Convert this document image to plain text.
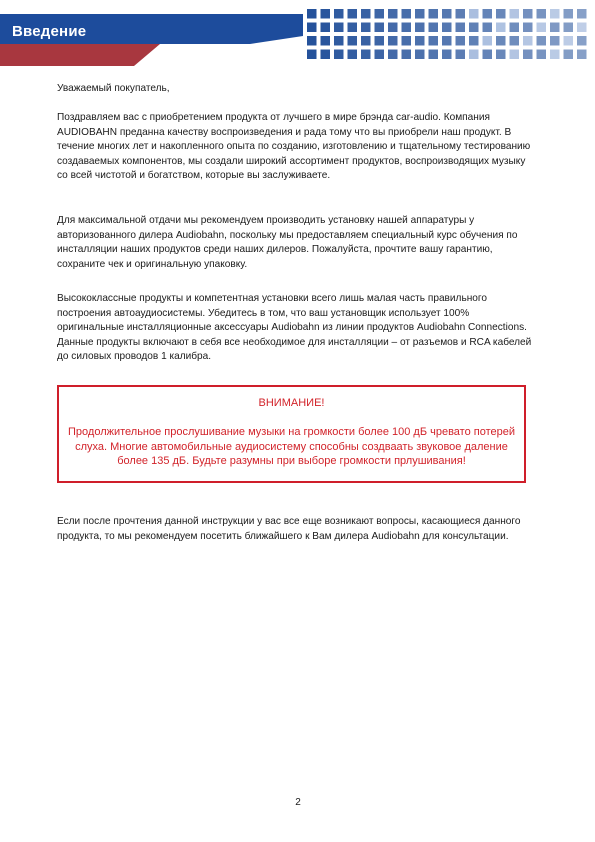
Введение

Уважаемый покупатель,

Поздравляем вас с приобретением продукта от лучшего в мире брэнда car-audio. Компания AUDIOBAHN преданна качеству воспроизведения и рада тому что вы приобрели наш продукт. В течение многих лет и накопленного опыта по созданию, изготовлению и тщательному тестированию создаваемых компонентов, мы создали широкий ассортимент продуктов, воспроизводящих музыку со всей чистотой и богатством, которые вы заслуживаете.

Для максимальной отдачи мы рекомендуем производить установку нашей аппаратуры у авторизованного дилера Audiobahn, поскольку мы предоставляем специальный курс обучения по инсталляции наших продуктов среди наших дилеров. Пожалуйста, прочтите вашу гарантию, сохраните чек и оригинальную упаковку.

Высококлассные продукты и компетентная установки всего лишь малая часть правильного построения автоаудиосистемы. Убедитесь в том, что ваш установщик использует 100% оригинальные инсталляционные аксессуары Audiobahn из линии продуктов Audiobahn Connections. Данные продукты включают в себя все необходимое для инсталляции – от разъемов и RCA кабелей до силовых проводов 1 калибра.

ВНИМАНИЕ!

Продолжительное прослушивание музыки на громкости более 100 дБ чревато потерей слуха. Многие автомобильные аудиосистему способны создваать звуковое даление более 135 дБ. Будьте разумны при выборе громкости прлушивания!

Если после прочтения данной инструкции у вас все еще возникают вопросы, касающиеся данного продукта, то мы рекомендуем посетить ближайшего к Вам дилера Audiobahn для консультации.

2
